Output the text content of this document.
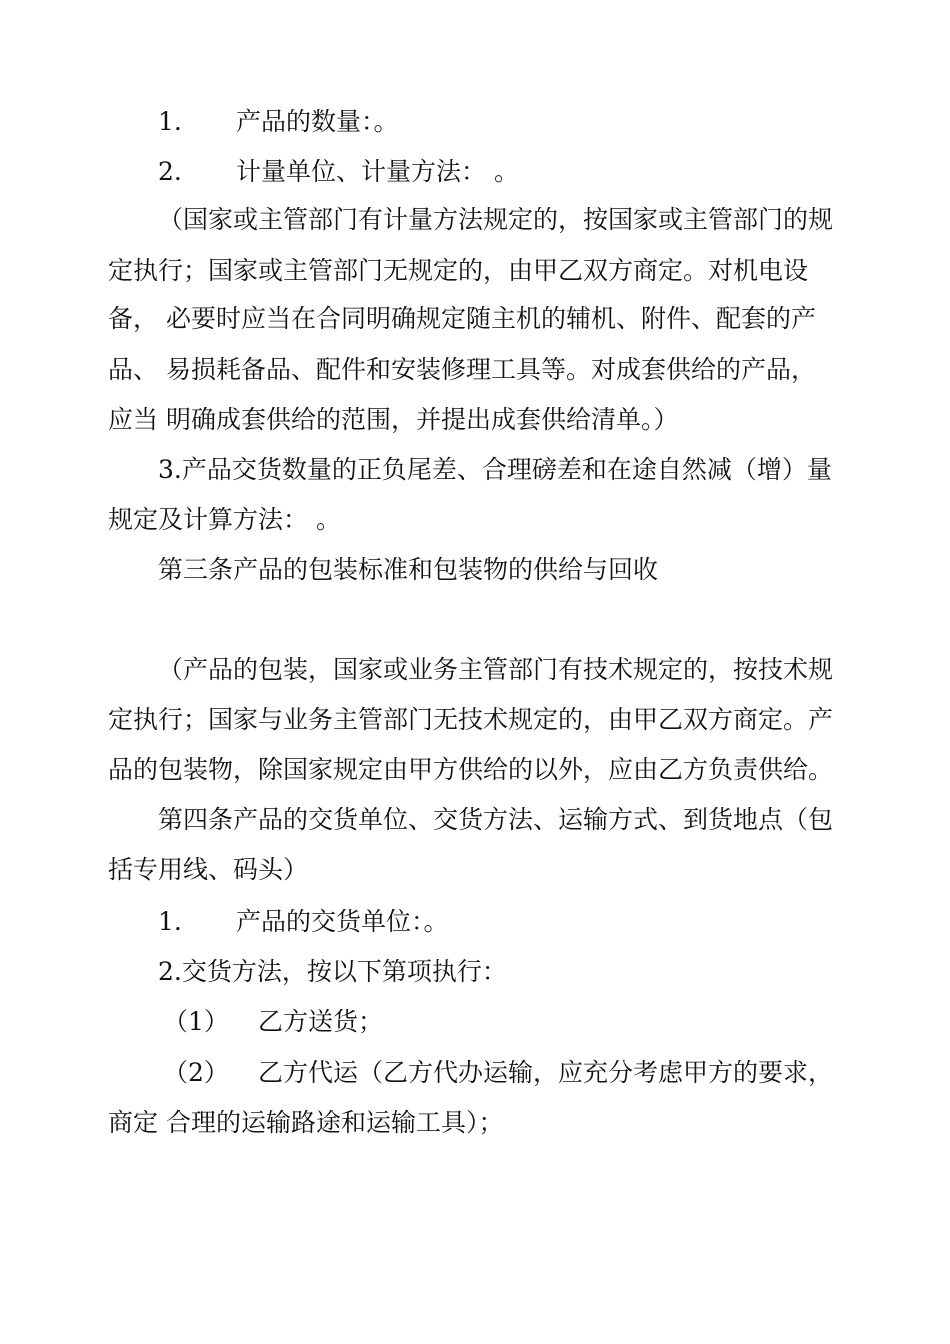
1. 产品的数量：。
2. 计量单位、计量方法： 。
（国家或主管部门有计量方法规定的，按国家或主管部门的规
定执行；国家或主管部门无规定的，由甲乙双方商定。对机电设
备， 必要时应当在合同明确规定随主机的辅机、附件、配套的产
品、 易损耗备品、配件和安装修理工具等。对成套供给的产品，
应当 明确成套供给的范围，并提出成套供给清单。）
3.产品交货数量的正负尾差、合理磅差和在途自然减（增）量
规定及计算方法： 。
第三条产品的包装标准和包装物的供给与回收
（产品的包装，国家或业务主管部门有技术规定的，按技术规
定执行；国家与业务主管部门无技术规定的，由甲乙双方商定。产
品的包装物，除国家规定由甲方供给的以外，应由乙方负责供给。
第四条产品的交货单位、交货方法、运输方式、到货地点（包
括专用线、码头）
1. 产品的交货单位：。
2.交货方法，按以下第项执行：
（1） 乙方送货；
（2） 乙方代运（乙方代办运输，应充分考虑甲方的要求，
商定 合理的运输路途和运输工具）；
